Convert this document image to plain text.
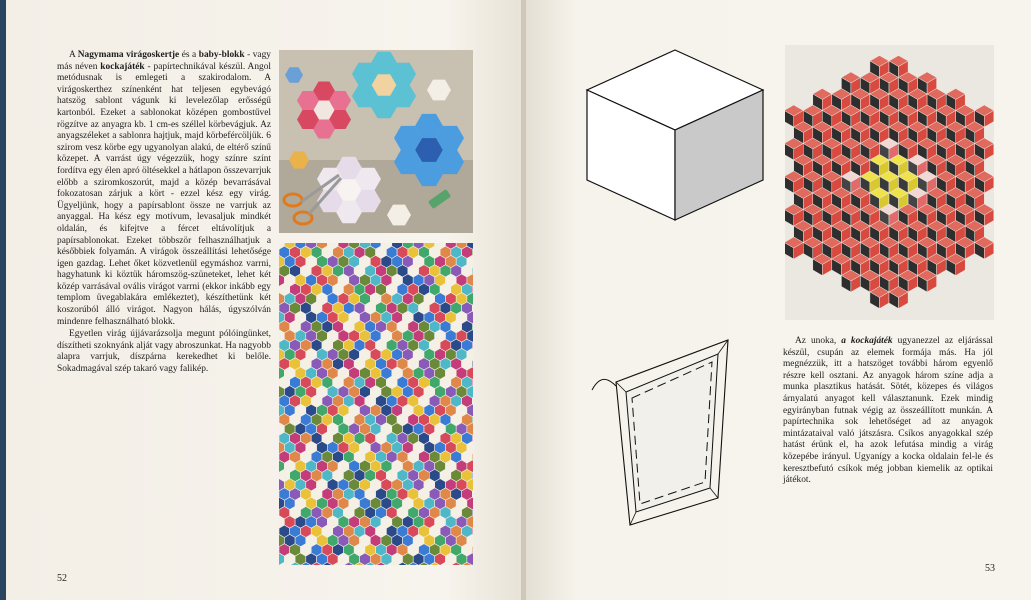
A Nagymama virágoskertje és a baby-blokk - vagy más néven kockajáték - papírtechnikával készül. Angol metódusnak is emlegeti a szakirodalom. A virágoskerthez színenként hat teljesen egybevágó hatszög sablont vágunk ki levelezőlap erősségű kartonból. Ezeket a sablonokat középen gombostűvel rögzítve az anyagra kb. 1 cm-es széllel körbevágjuk. Az anyagszéleket a sablonra hajtjuk, majd körbefércöljük. 6 szirom vesz körbe egy ugyanolyan alakú, de eltérő színű közepet. A varrást úgy végezzük, hogy színre színt fordítva egy élen apró öltésekkel a hátlapon összevarrjuk előbb a sziromkoszorút, majd a közép bevarrásával fokozatosan zárjuk a kört - ezzel kész egy virág. Ügyeljünk, hogy a papírsablont össze ne varrjuk az anyaggal. Ha kész egy motívum, levasaljuk mindkét oldalán, és kifejtve a fércet eltávolítjuk a papírsablonokat. Ezeket többször felhasználhatjuk a későbbiek folyamán. A virágok összeállítási lehetősége igen gazdag. Lehet őket közvetlenül egymáshoz varrni, hagyhatunk ki köztük háromszög-szüneteket, lehet két közép varrásával ovális virágot varrni (ekkor inkább egy templom üvegablakára emlékeztet), készíthetünk két koszorúból álló virágot. Nagyon hálás, úgyszólván mindenre felhasználható blokk.

Egyetlen virág újjávarázsolja megunt pólóingünket, díszítheti szoknyánk alját vagy abroszunkat. Ha nagyobb alapra varrjuk, díszpárna kerekedhet ki belőle. Sokadmagával szép takaró vagy falikép.

52

Az unoka, a kockajáték ugyanezzel az eljárással készül, csupán az elemek formája más. Ha jól megnézzük, itt a hatszöget további három egyenlő részre kell osztani. Az anyagok három színe adja a munka plasztikus hatását. Sötét, közepes és világos árnyalatú anyagot kell választanunk. Ezek mindig egyirányban futnak végig az összeállított munkán. A papírtechnika sok lehetőséget ad az anyagok mintázataival való játszásra. Csíkos anyagokkal szép hatást érünk el, ha azok lefutása mindig a virág közepébe irányul. Ugyanígy a kocka oldalain fel-le és keresztbefutó csíkok még jobban kiemelik az optikai játékot.

53
